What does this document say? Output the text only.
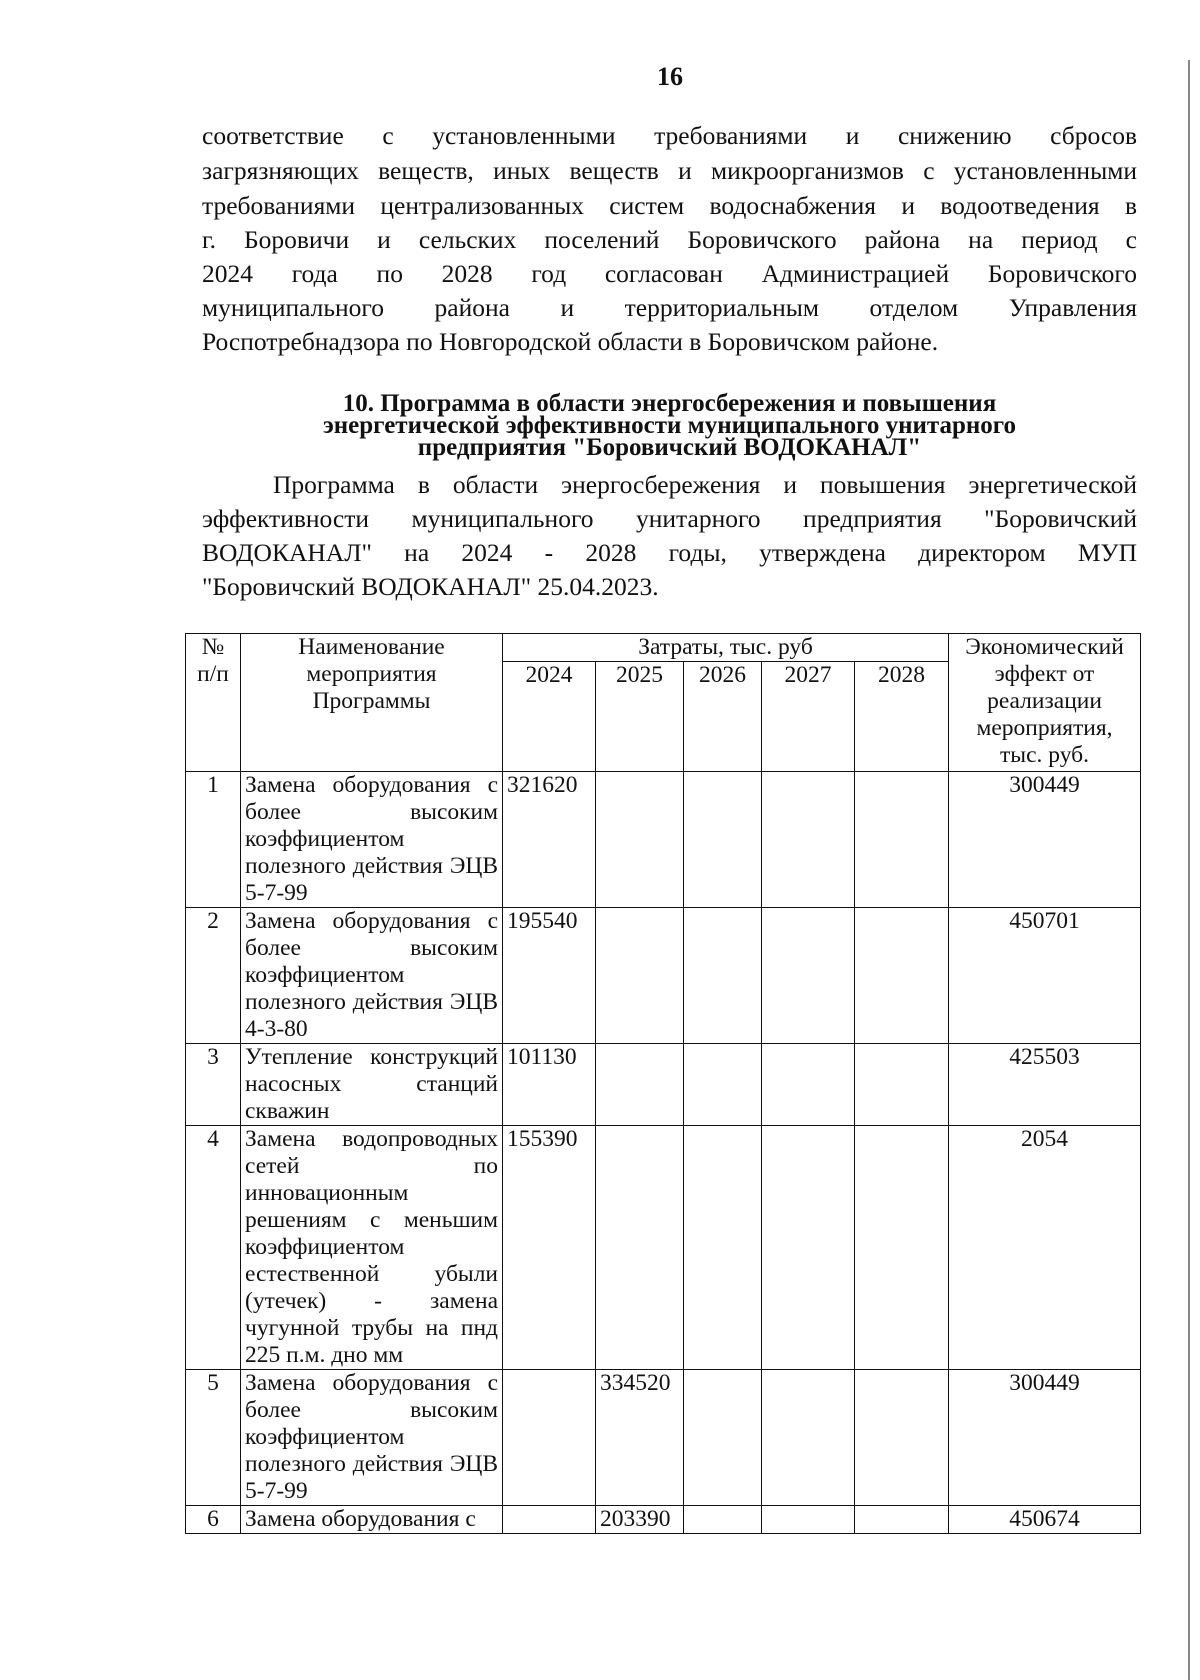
16

соответствие с установленными требованиями и снижению сбросов

загрязняющих веществ, иных веществ и микроорганизмов с установленными

требованиями централизованных систем водоснабжения и водоотведения в

г. Боровичи и сельских поселений Боровичского района на период с

2024 года по 2028 год согласован Администрацией Боровичского

муниципального района и территориальным отделом Управления

Роспотребнадзора по Новгородской области в Боровичском районе.

10. Программа в области энергосбережения и повышения
энергетической эффективности муниципального унитарного
предприятия "Боровичский ВОДОКАНАЛ"

Программа в области энергосбережения и повышения энергетической

эффективности муниципального унитарного предприятия "Боровичский

ВОДОКАНАЛ" на 2024 - 2028 годы, утверждена директором МУП

"Боровичский ВОДОКАНАЛ" 25.04.2023.

№ п/п	Наименование мероприятия Программы	Затраты, тыс. руб					Экономический эффект от реализации мероприятия, тыс. руб.
		2024	2025	2026	2027	2028	
1	Замена оборудования с более высоким коэффициентом полезного действия ЭЦВ 5-7-99	321620					300449
2	Замена оборудования с более высоким коэффициентом полезного действия ЭЦВ 4-3-80	195540					450701
3	Утепление конструкций насосных станций скважин	101130					425503
4	Замена водопроводных сетей по инновационным решениям с меньшим коэффициентом естественной убыли (утечек) - замена чугунной трубы на пнд 225 п.м. дно мм	155390					2054
5	Замена оборудования с более высоким коэффициентом полезного действия ЭЦВ 5-7-99		334520				300449
6	Замена оборудования с		203390				450674
